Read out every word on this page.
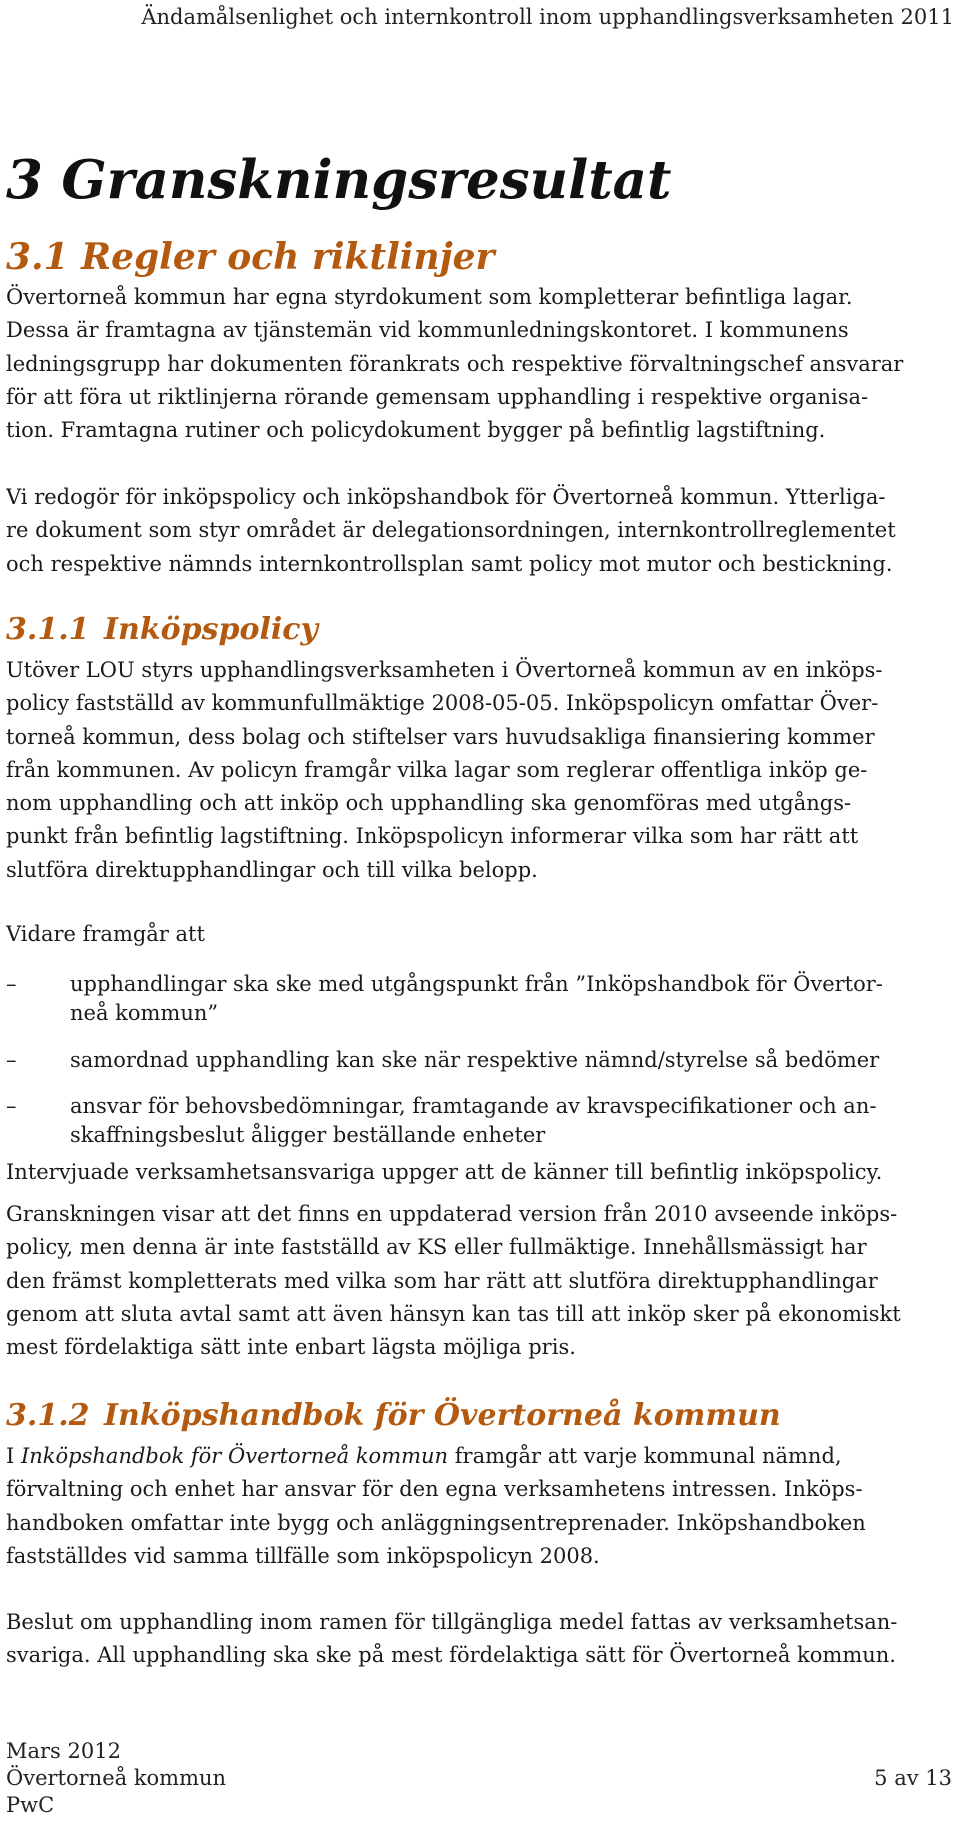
Ändamålsenlighet och internkontroll inom upphandlingsverksamheten 2011
3 Granskningsresultat
3.1 Regler och riktlinjer
Övertorneå kommun har egna styrdokument som kompletterar befintliga lagar.
Dessa är framtagna av tjänstemän vid kommunledningskontoret. I kommunens
ledningsgrupp har dokumenten förankrats och respektive förvaltningschef ansvarar
för att föra ut riktlinjerna rörande gemensam upphandling i respektive organisa-
tion. Framtagna rutiner och policydokument bygger på befintlig lagstiftning.
Vi redogör för inköpspolicy och inköpshandbok för Övertorneå kommun. Ytterliga-
re dokument som styr området är delegationsordningen, internkontrollreglementet
och respektive nämnds internkontrollsplan samt policy mot mutor och bestickning.
3.1.1 Inköpspolicy
Utöver LOU styrs upphandlingsverksamheten i Övertorneå kommun av en inköps-
policy fastställd av kommunfullmäktige 2008-05-05. Inköpspolicyn omfattar Över-
torneå kommun, dess bolag och stiftelser vars huvudsakliga finansiering kommer
från kommunen. Av policyn framgår vilka lagar som reglerar offentliga inköp ge-
nom upphandling och att inköp och upphandling ska genomföras med utgångs-
punkt från befintlig lagstiftning. Inköpspolicyn informerar vilka som har rätt att
slutföra direktupphandlingar och till vilka belopp.
Vidare framgår att
–	upphandlingar ska ske med utgångspunkt från ”Inköpshandbok för Övertor-
neå kommun”
–	samordnad upphandling kan ske när respektive nämnd/styrelse så bedömer
–	ansvar för behovsbedömningar, framtagande av kravspecifikationer och an-
skaffningsbeslut åligger beställande enheter
Intervjuade verksamhetsansvariga uppger att de känner till befintlig inköpspolicy.
Granskningen visar att det finns en uppdaterad version från 2010 avseende inköps-
policy, men denna är inte fastställd av KS eller fullmäktige. Innehållsmässigt har
den främst kompletterats med vilka som har rätt att slutföra direktupphandlingar
genom att sluta avtal samt att även hänsyn kan tas till att inköp sker på ekonomiskt
mest fördelaktiga sätt inte enbart lägsta möjliga pris.
3.1.2 Inköpshandbok för Övertorneå kommun
I Inköpshandbok för Övertorneå kommun framgår att varje kommunal nämnd,
förvaltning och enhet har ansvar för den egna verksamhetens intressen. Inköps-
handboken omfattar inte bygg och anläggningsentreprenader. Inköpshandboken
fastställdes vid samma tillfälle som inköpspolicyn 2008.
Beslut om upphandling inom ramen för tillgängliga medel fattas av verksamhetsan-
svariga. All upphandling ska ske på mest fördelaktiga sätt för Övertorneå kommun.
Mars 2012
Övertorneå kommun
PwC
5 av 13
